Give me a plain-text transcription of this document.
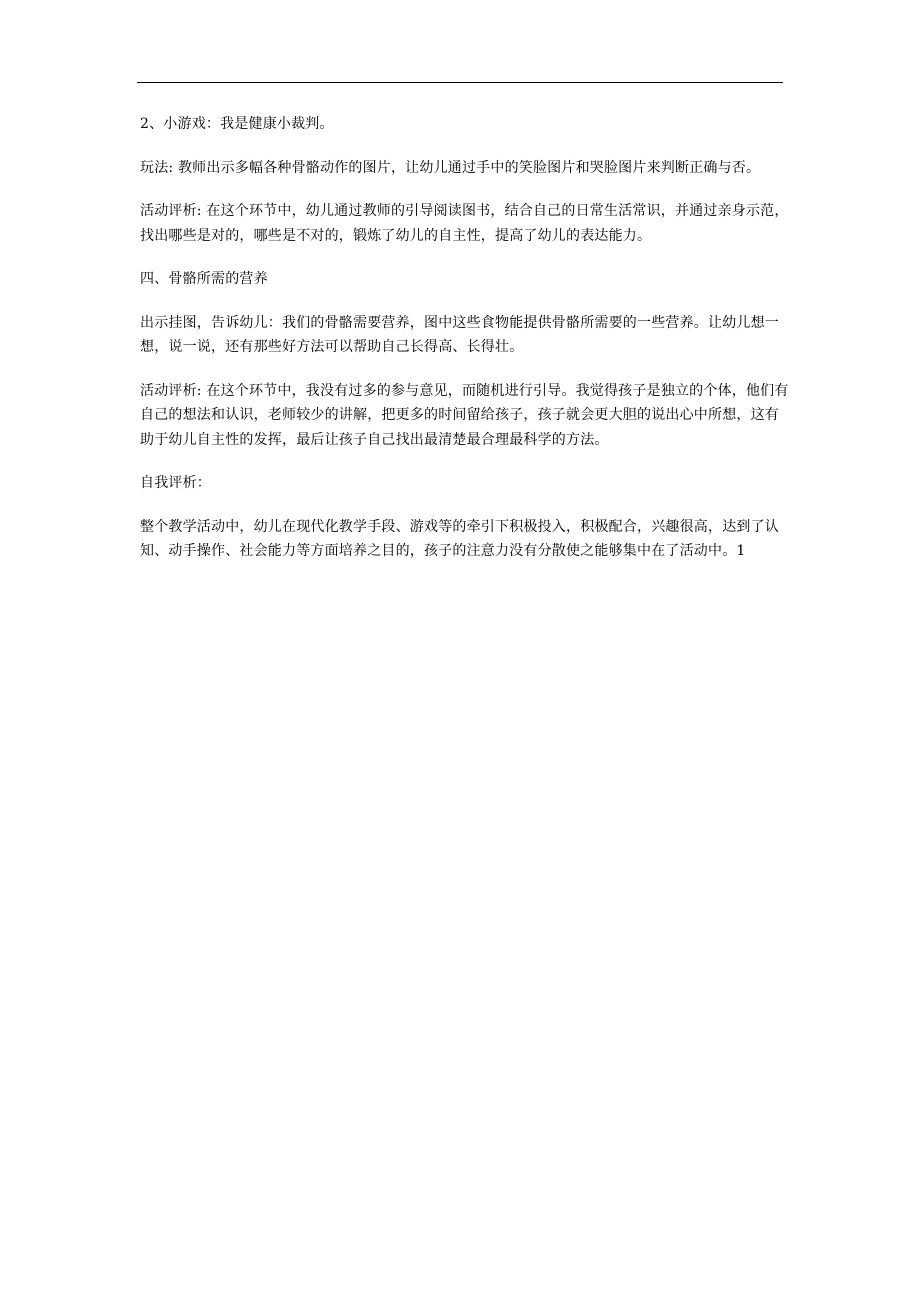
2、小游戏：我是健康小裁判。

玩法: 教师出示多幅各种骨骼动作的图片，让幼儿通过手中的笑脸图片和哭脸图片来判断正确与否。

活动评析: 在这个环节中，幼儿通过教师的引导阅读图书，结合自己的日常生活常识，并通过亲身示范，找出哪些是对的，哪些是不对的，锻炼了幼儿的自主性，提高了幼儿的表达能力。

四、骨骼所需的营养

出示挂图，告诉幼儿：我们的骨骼需要营养，图中这些食物能提供骨骼所需要的一些营养。让幼儿想一想，说一说，还有那些好方法可以帮助自己长得高、长得壮。

活动评析: 在这个环节中，我没有过多的参与意见，而随机进行引导。我觉得孩子是独立的个体，他们有自己的想法和认识，老师较少的讲解，把更多的时间留给孩子，孩子就会更大胆的说出心中所想，这有助于幼儿自主性的发挥，最后让孩子自己找出最清楚最合理最科学的方法。

自我评析：

整个教学活动中，幼儿在现代化教学手段、游戏等的牵引下积极投入，积极配合，兴趣很高，达到了认知、动手操作、社会能力等方面培养之目的，孩子的注意力没有分散使之能够集中在了活动中。1
